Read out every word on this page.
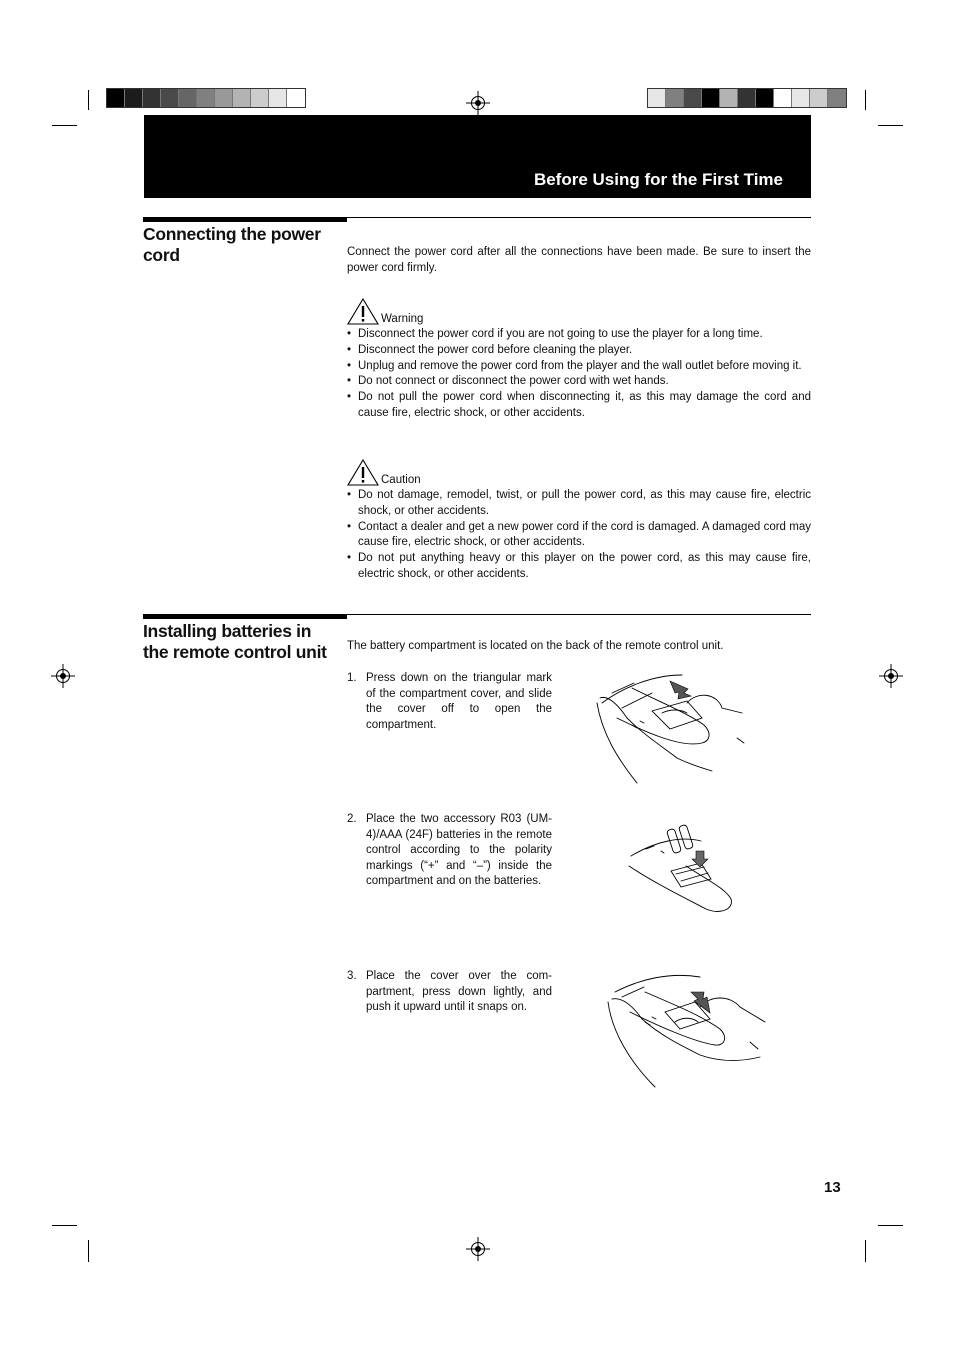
Before Using for the First Time
Connecting the power cord	Connect the power cord after all the connections have been made. Be sure to insert the power cord firmly.
Warning
• Disconnect the power cord if you are not going to use the player for a long time.
• Disconnect the power cord before cleaning the player.
• Unplug and remove the power cord from the player and the wall outlet before moving it.
• Do not connect or disconnect the power cord with wet hands.
• Do not pull the power cord when disconnecting it, as this may damage the cord and cause fire, electric shock, or other accidents.
Caution
• Do not damage, remodel, twist, or pull the power cord, as this may cause fire, electric shock, or other accidents.
• Contact a dealer and get a new power cord if the cord is damaged. A damaged cord may cause fire, electric shock, or other accidents.
• Do not put anything heavy or this player on the power cord, as this may cause fire, electric shock, or other accidents.
Installing batteries in the remote control unit	The battery compartment is located on the back of the remote control unit.
1. Press down on the triangular mark of the compartment cover, and slide the cover off to open the compartment.
2. Place the two accessory R03 (UM-4)/AAA (24F) batteries in the remote control according to the polarity markings (“+” and “–”) inside the compartment and on the batteries.
3. Place the cover over the com-partment, press down lightly, and push it upward until it snaps on.
13
